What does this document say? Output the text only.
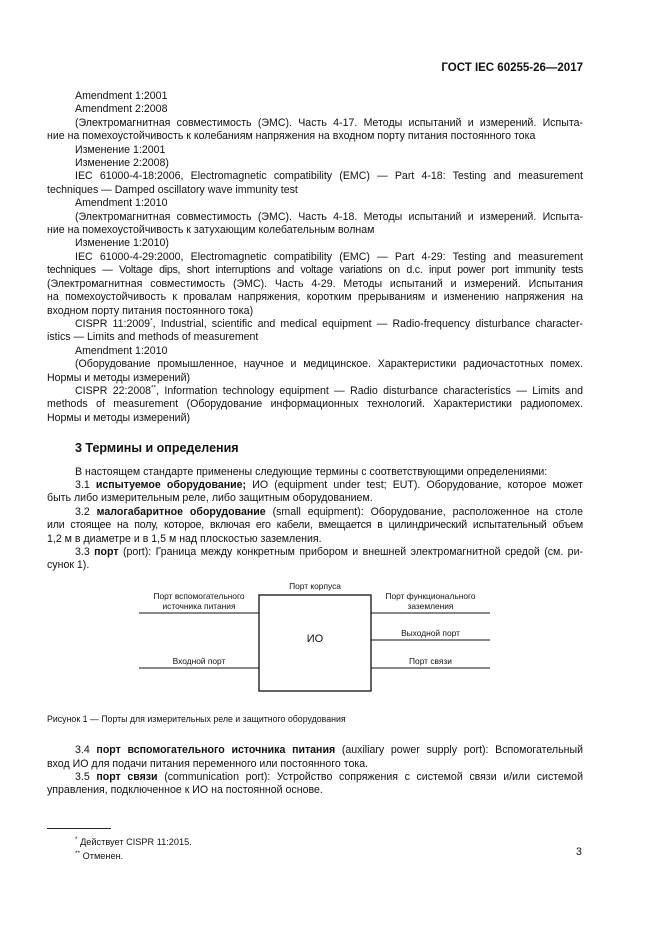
ГОСТ IEC 60255-26—2017

Amendment 1:2001

Amendment 2:2008

(Электромагнитная совместимость (ЭМС). Часть 4-17. Методы испытаний и измерений. Испыта-

ние на помехоустойчивость к колебаниям напряжения на входном порту питания постоянного тока

Изменение 1:2001

Изменение 2:2008)

IEC 61000-4-18:2006, Electromagnetic compatibility (EMC) — Part 4-18: Testing and measurement

techniques — Damped oscillatory wave immunity test

Amendment 1:2010

(Электромагнитная совместимость (ЭМС). Часть 4-18. Методы испытаний и измерений. Испыта-

ние на помехоустойчивость к затухающим колебательным волнам

Изменение 1:2010)

IEC 61000-4-29:2000, Electromagnetic compatibility (EMC) — Part 4-29: Testing and measurement

techniques — Voltage dips, short interruptions and voltage variations on d.c. input power port immunity tests

(Электромагнитная совместимость (ЭМС). Часть 4-29. Методы испытаний и измерений. Испытания

на помехоустойчивость к провалам напряжения, коротким прерываниям и изменению напряжения на

входном порту питания постоянного тока)

CISPR 11:2009*, Industrial, scientific and medical equipment — Radio-frequency disturbance character-

istics — Limits and methods of measurement

Amendment 1:2010

(Оборудование промышленное, научное и медицинское. Характеристики радиочастотных помех.

Нормы и методы измерений)

CISPR 22:2008**, Information technology equipment — Radio disturbance characteristics — Limits and

methods of measurement (Оборудование информационных технологий. Характеристики радиопомех.

Нормы и методы измерений)

3 Термины и определения

В настоящем стандарте применены следующие термины с соответствующими определениями:

3.1 испытуемое оборудование; ИО (equipment under test; EUT). Оборудование, которое может

быть либо измерительным реле, либо защитным оборудованием.

3.2 малогабаритное оборудование (small equipment): Оборудование, расположенное на столе

или стоящее на полу, которое, включая его кабели, вмещается в цилиндрический испытательный объем

1,2 м в диаметре и в 1,5 м над плоскостью заземления.

3.3 порт (port): Граница между конкретным прибором и внешней электромагнитной средой (см. ри-

сунок 1).

Порт корпуса
ИО
Порт вспомогательного
источника питания
Входной порт
Порт функционального
заземления
Выходной порт
Порт связи

Рисунок 1 — Порты для измерительных реле и защитного оборудования

3.4 порт вспомогательного источника питания (auxiliary power supply port): Вспомогательный

вход ИО для подачи питания переменного или постоянного тока.

3.5 порт связи (communication port): Устройство сопряжения с системой связи и/или системой

управления, подключенное к ИО на постоянной основе.

* Действует CISPR 11:2015.
** Отменен.	3
